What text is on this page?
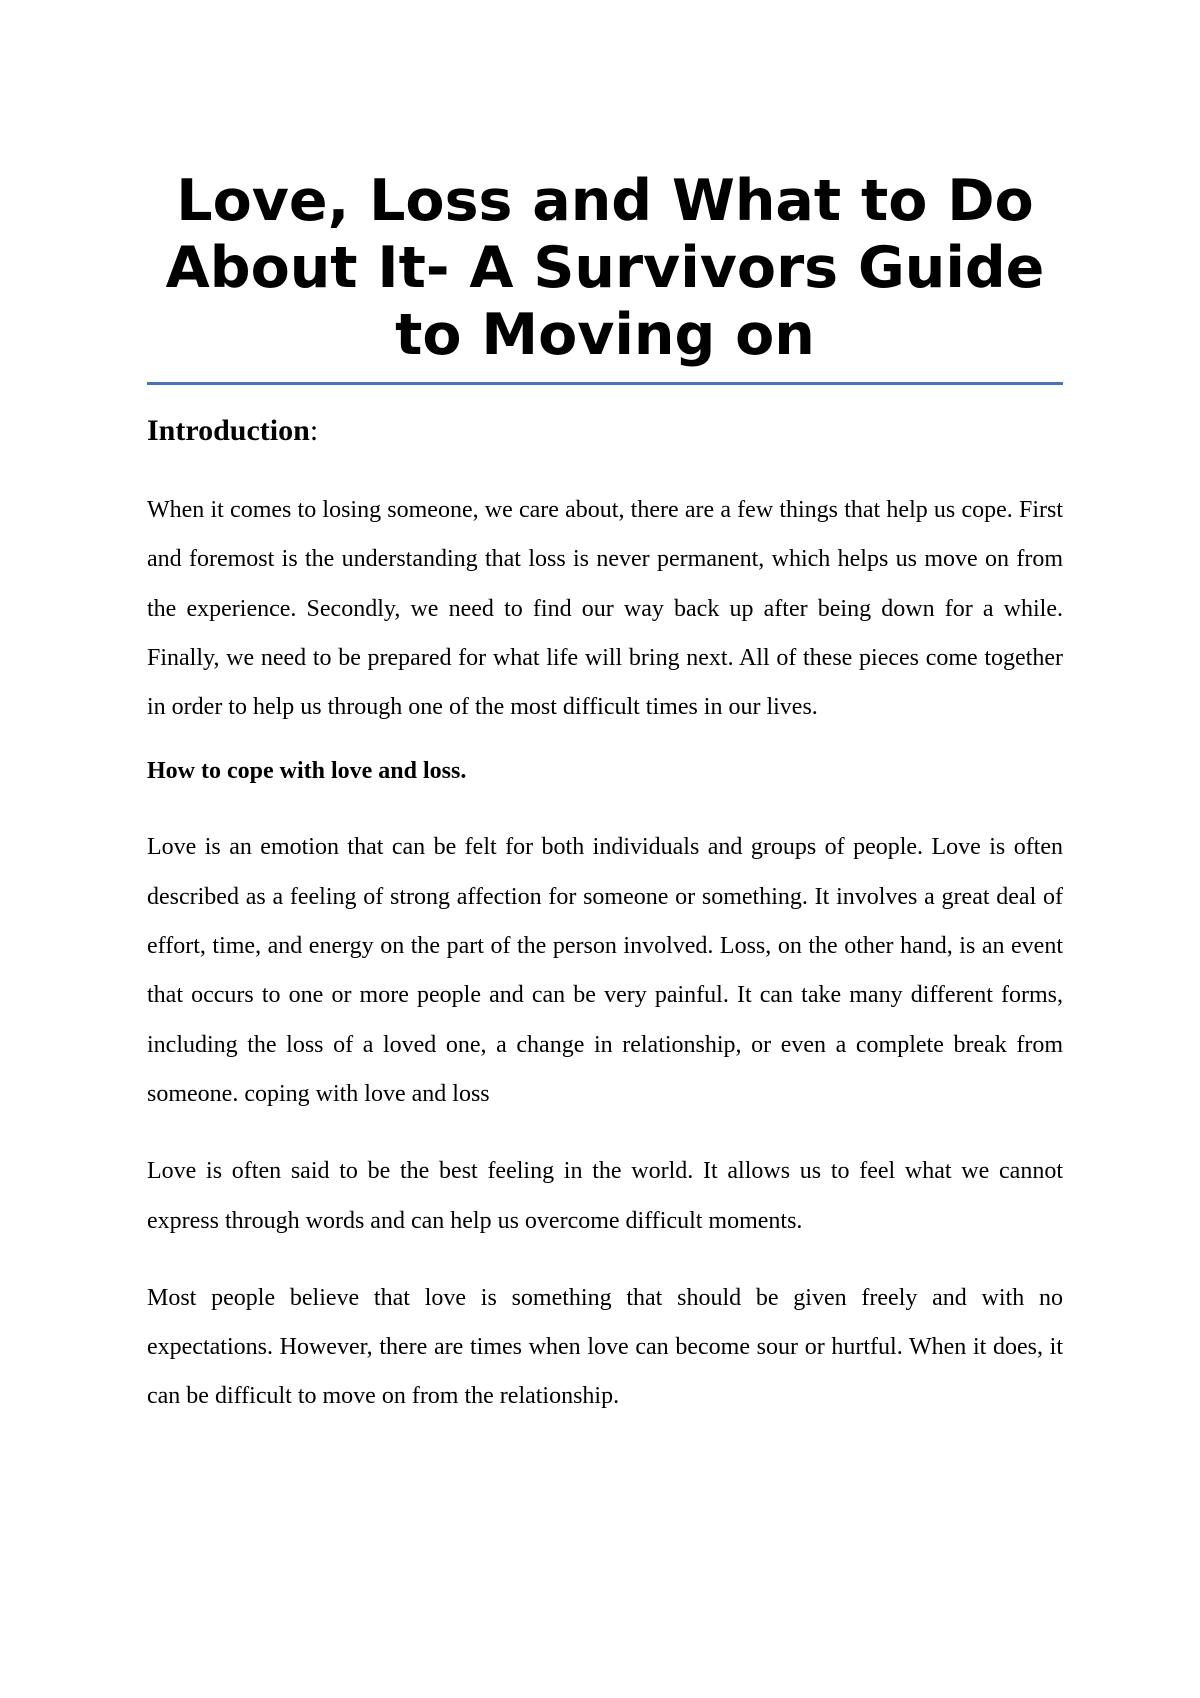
Love, Loss and What to Do About It- A Survivors Guide to Moving on
Introduction:

When it comes to losing someone, we care about, there are a few things that help us cope. First and foremost is the understanding that loss is never permanent, which helps us move on from the experience. Secondly, we need to find our way back up after being down for a while. Finally, we need to be prepared for what life will bring next. All of these pieces come together in order to help us through one of the most difficult times in our lives.

How to cope with love and loss.

Love is an emotion that can be felt for both individuals and groups of people. Love is often described as a feeling of strong affection for someone or something. It involves a great deal of effort, time, and energy on the part of the person involved. Loss, on the other hand, is an event that occurs to one or more people and can be very painful. It can take many different forms, including the loss of a loved one, a change in relationship, or even a complete break from someone. coping with love and loss

Love is often said to be the best feeling in the world. It allows us to feel what we cannot express through words and can help us overcome difficult moments.

Most people believe that love is something that should be given freely and with no expectations. However, there are times when love can become sour or hurtful. When it does, it can be difficult to move on from the relationship.
